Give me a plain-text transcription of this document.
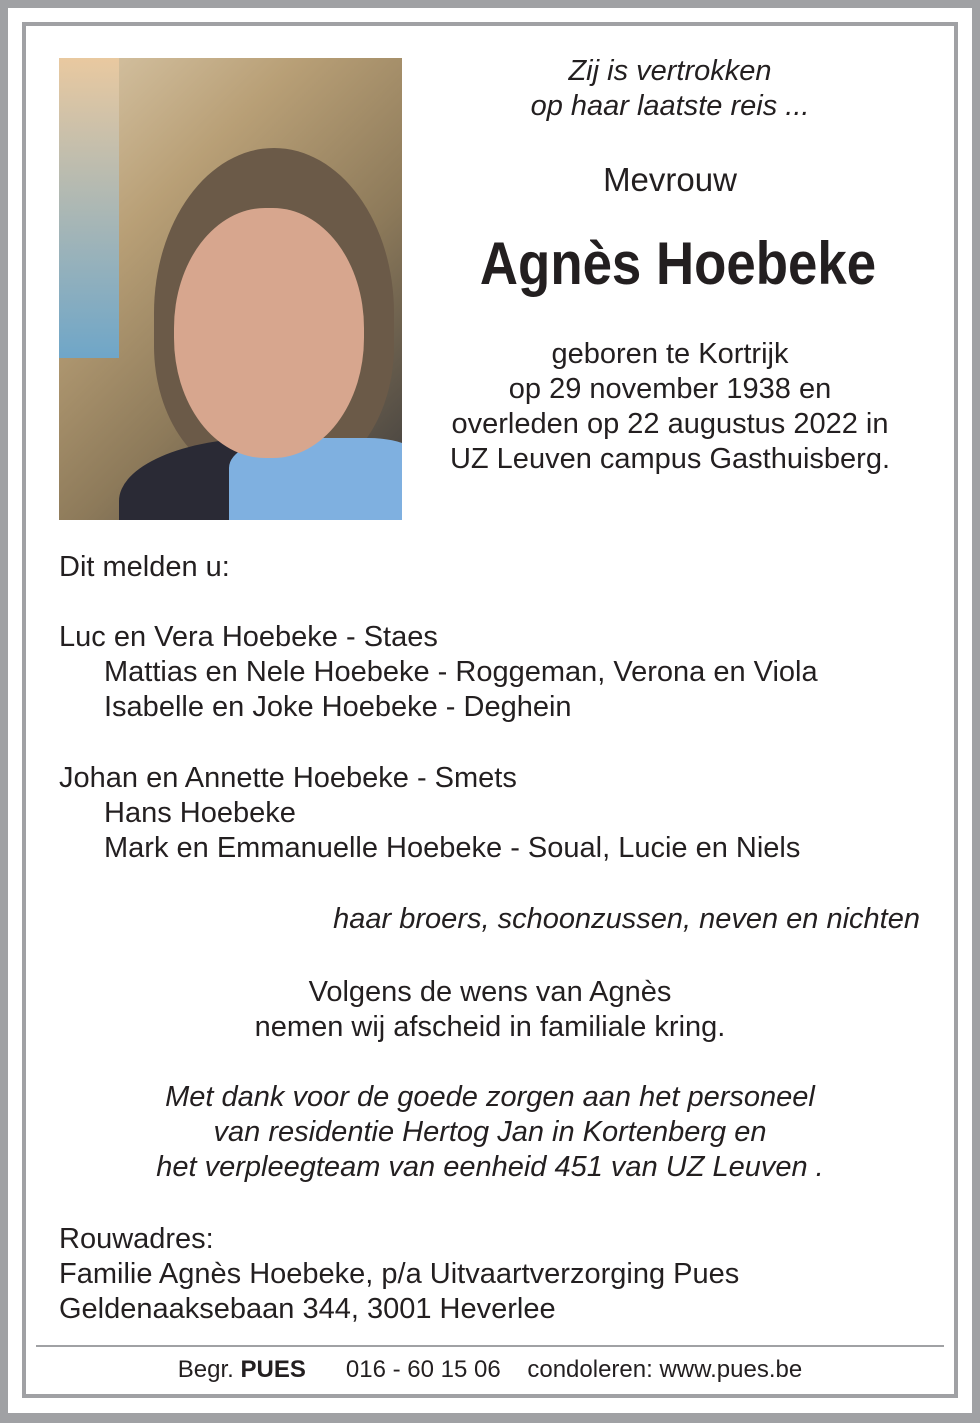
Zij is vertrokken
op haar laatste reis ...
Mevrouw
Agnès Hoebeke
geboren te Kortrijk
op 29 november 1938 en
overleden op 22 augustus 2022 in
UZ Leuven campus Gasthuisberg.
Dit melden u:
Luc en Vera Hoebeke - Staes
Mattias en Nele Hoebeke - Roggeman, Verona en Viola
Isabelle en Joke Hoebeke - Deghein
Johan en Annette Hoebeke - Smets
Hans Hoebeke
Mark en Emmanuelle Hoebeke - Soual, Lucie en Niels
haar broers, schoonzussen, neven en nichten
Volgens de wens van Agnès
nemen wij afscheid in familiale kring.
Met dank voor de goede zorgen aan het personeel
van residentie Hertog Jan in Kortenberg en
het verpleegteam van eenheid 451 van UZ Leuven .
Rouwadres:
Familie Agnès Hoebeke, p/a Uitvaartverzorging Pues
Geldenaaksebaan 344, 3001 Heverlee
Begr. PUES 016 - 60 15 06 condoleren: www.pues.be
